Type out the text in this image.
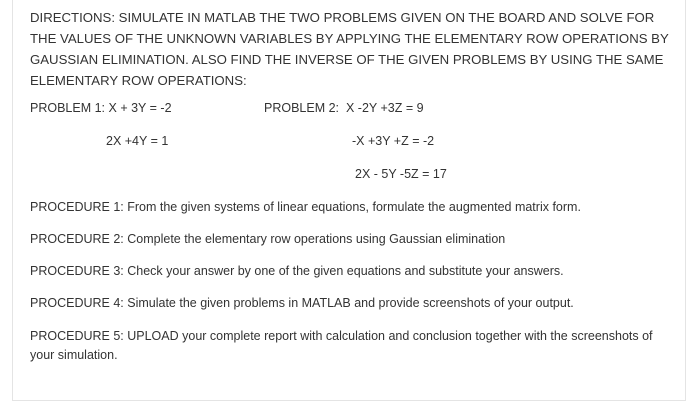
DIRECTIONS: SIMULATE IN MATLAB THE TWO PROBLEMS GIVEN ON THE BOARD AND SOLVE FOR THE VALUES OF THE UNKNOWN VARIABLES BY APPLYING THE ELEMENTARY ROW OPERATIONS BY GAUSSIAN ELIMINATION. ALSO FIND THE INVERSE OF THE GIVEN PROBLEMS BY USING THE SAME ELEMENTARY ROW OPERATIONS:

PROBLEM 1: X + 3Y = -2

2X +4Y = 1

PROBLEM 2: X -2Y +3Z = 9

-X +3Y +Z = -2

2X - 5Y -5Z = 17

PROCEDURE 1: From the given systems of linear equations, formulate the augmented matrix form.

PROCEDURE 2: Complete the elementary row operations using Gaussian elimination

PROCEDURE 3: Check your answer by one of the given equations and substitute your answers.

PROCEDURE 4: Simulate the given problems in MATLAB and provide screenshots of your output.

PROCEDURE 5: UPLOAD your complete report with calculation and conclusion together with the screenshots of your simulation.
